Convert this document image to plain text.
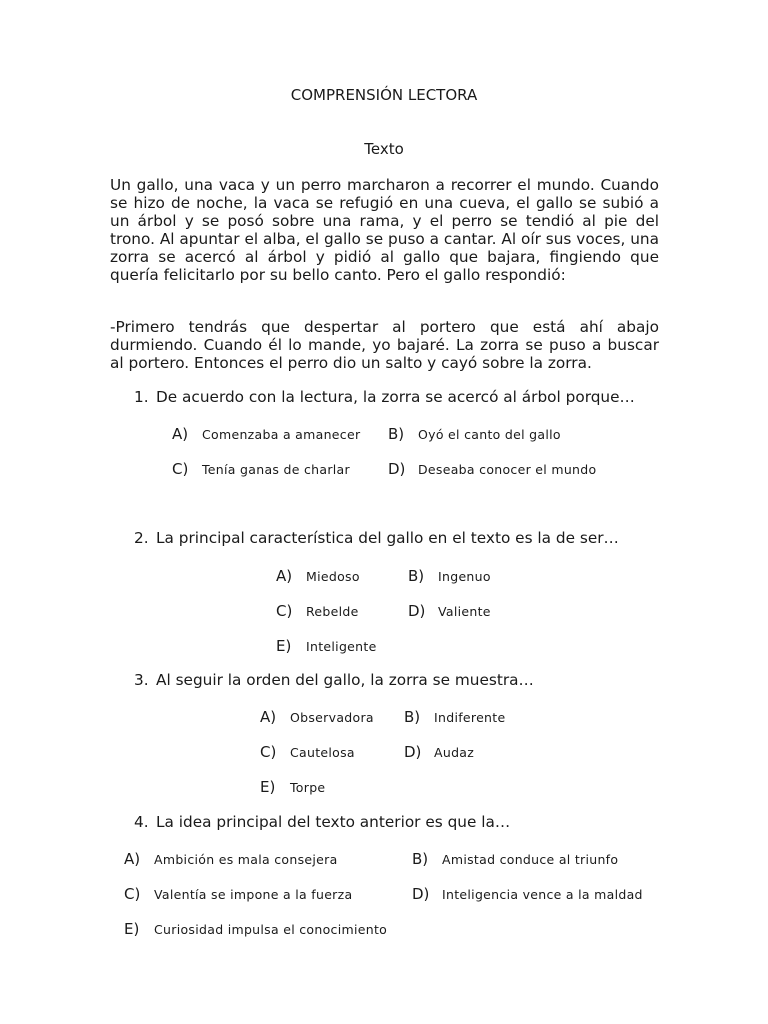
COMPRENSIÓN LECTORA
Texto

Un gallo, una vaca y un perro marcharon a recorrer el mundo. Cuando se hizo de noche, la vaca se refugió en una cueva, el gallo se subió a un árbol y se posó sobre una rama, y el perro se tendió al pie del trono. Al apuntar el alba, el gallo se puso a cantar. Al oír sus voces, una zorra se acercó al árbol y pidió al gallo que bajara, fingiendo que quería felicitarlo por su bello canto. Pero el gallo respondió:

-Primero tendrás que despertar al portero que está ahí abajo durmiendo. Cuando él lo mande, yo bajaré. La zorra se puso a buscar al portero. Entonces el perro dio un salto y cayó sobre la zorra.

1. De acuerdo con la lectura, la zorra se acercó al árbol porque…
A) Comenzaba a amanecer B) Oyó el canto del gallo
C) Tenía ganas de charlar	D) Deseaba conocer el mundo
2. La principal característica del gallo en el texto es la de ser…
A) Miedoso	B) Ingenuo
C) Rebelde	D) Valiente
E) Inteligente
3. Al seguir la orden del gallo, la zorra se muestra…
A) Observadora B) Indiferente
C) Cautelosa	D) Audaz
E) Torpe
4. La idea principal del texto anterior es que la…
A) Ambición es mala consejera	B) Amistad conduce al triunfo
C) Valentía se impone a la fuerza	D) Inteligencia vence a la maldad
E) Curiosidad impulsa el conocimiento
